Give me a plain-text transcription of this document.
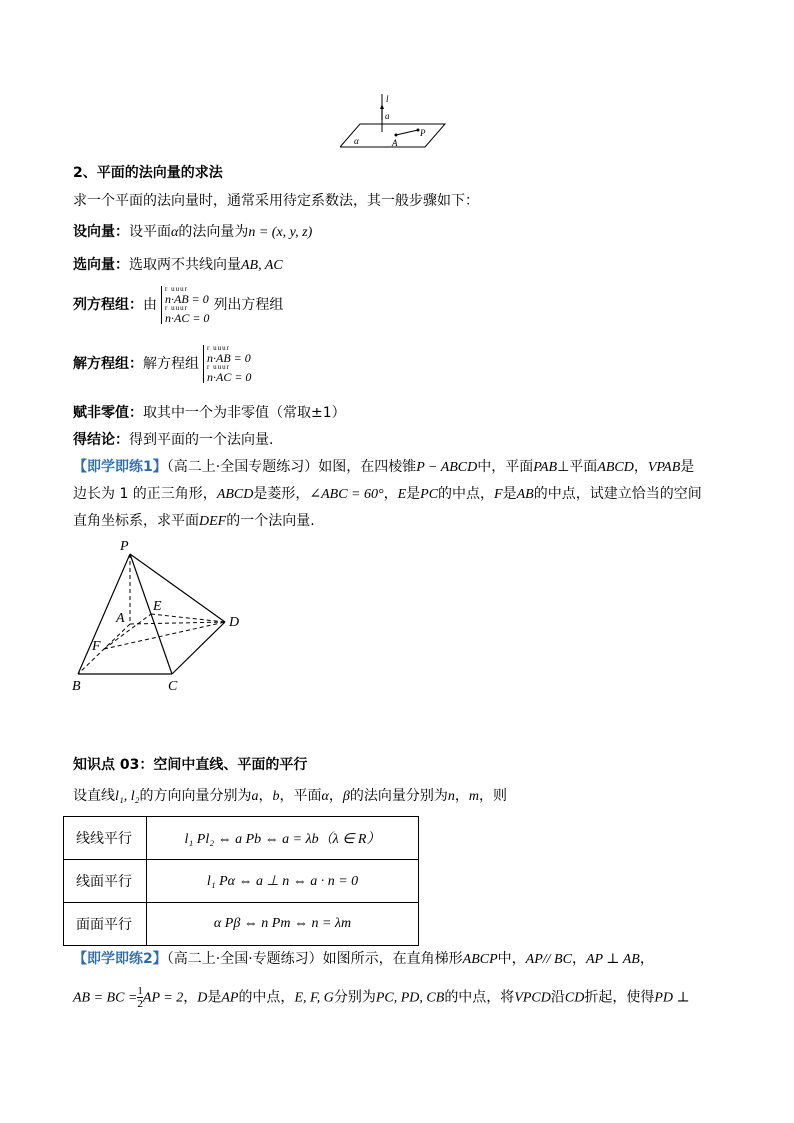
l
a
α	A
P
2、平面的法向量的求法
求一个平面的法向量时，通常采用待定系数法，其一般步骤如下：
设向量：设平面α的法向量为n = (x, y, z)
选向量：选取两不共线向量AB, AC
列方程组：由
r uuur
n·AB = 0
r uuur
n·AC = 0
列出方程组
解方程组：解方程组
r uuur
n·AB = 0
r uuur
n·AC = 0
赋非零值：取其中一个为非零值（常取±1）
得结论：得到平面的一个法向量.
【即学即练1】（高二上·全国专题练习）如图，在四棱锥P − ABCD中，平面PAB⊥平面ABCD，VPAB是
边长为 1 的正三角形，ABCD是菱形，∠ABC = 60°，E是PC的中点，F是AB的中点，试建立恰当的空间
直角坐标系，求平面DEF的一个法向量.
P
A
E
D
F
B	C
知识点 03：空间中直线、平面的平行
设直线l₁, l₂的方向向量分别为a，b，平面α，β的法向量分别为n，m，则
线线平行	l₁ Pl₂ ⇔ a Pb ⇔ a = λb（λ ∈ R）
线面平行	l₁ Pα ⇔ a ⊥ n ⇔ a · n = 0
面面平行	α Pβ ⇔ n Pm ⇔ n = λm
【即学即练2】（高二上·全国·专题练习）如图所示，在直角梯形ABCP中，AP// BC，AP ⊥ AB，
AB = BC = $\frac{1}{2}$ AP = 2，D是AP的中点，E, F, G分别为PC, PD, CB的中点，将VPCD沿CD折起，使得PD ⊥
